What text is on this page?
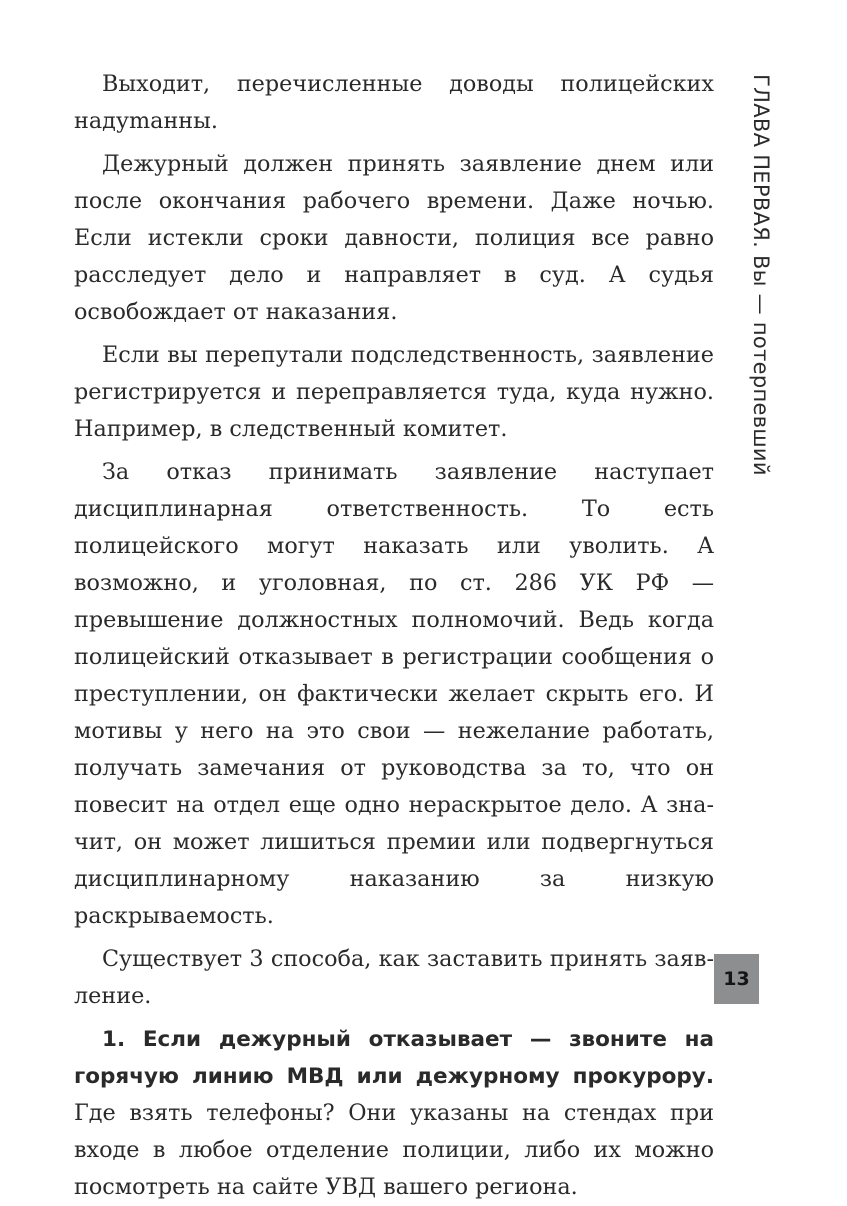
Выходит, перечисленные доводы полицейских надуmанны.

Дежурный должен принять заявление днем или после окончания рабочего времени. Даже ночью. Если истекли сроки давности, полиция все равно расследует дело и направляет в суд. А судья освобождает от наказания.

Если вы перепутали подследственность, заявление регистрируется и переправляется туда, куда нужно. Например, в следственный комитет.

За отказ принимать заявление наступает дисциплинарная ответственность. То есть полицейского могут наказать или уволить. А возможно, и уголовная, по ст. 286 УК РФ — превышение должностных полномочий. Ведь когда полицейский отказывает в регистрации сообщения о преступлении, он фактически желает скрыть его. И мотивы у него на это свои — нежелание работать, получать замечания от руководства за то, что он повесит на отдел еще одно нераскрытое дело. А значит, он может лишиться премии или подвергнуться дисциплинарному наказанию за низкую раскрываемость.

Существует 3 способа, как заставить принять заявление.

1. Если дежурный отказывает — звоните на горячую линию МВД или дежурному прокурору. Где взять телефоны? Они указаны на стендах при входе в любое отделение полиции, либо их можно посмотреть на сайте УВД вашего региона.

ГЛАВА ПЕРВАЯ. Вы — потерпевший
13
